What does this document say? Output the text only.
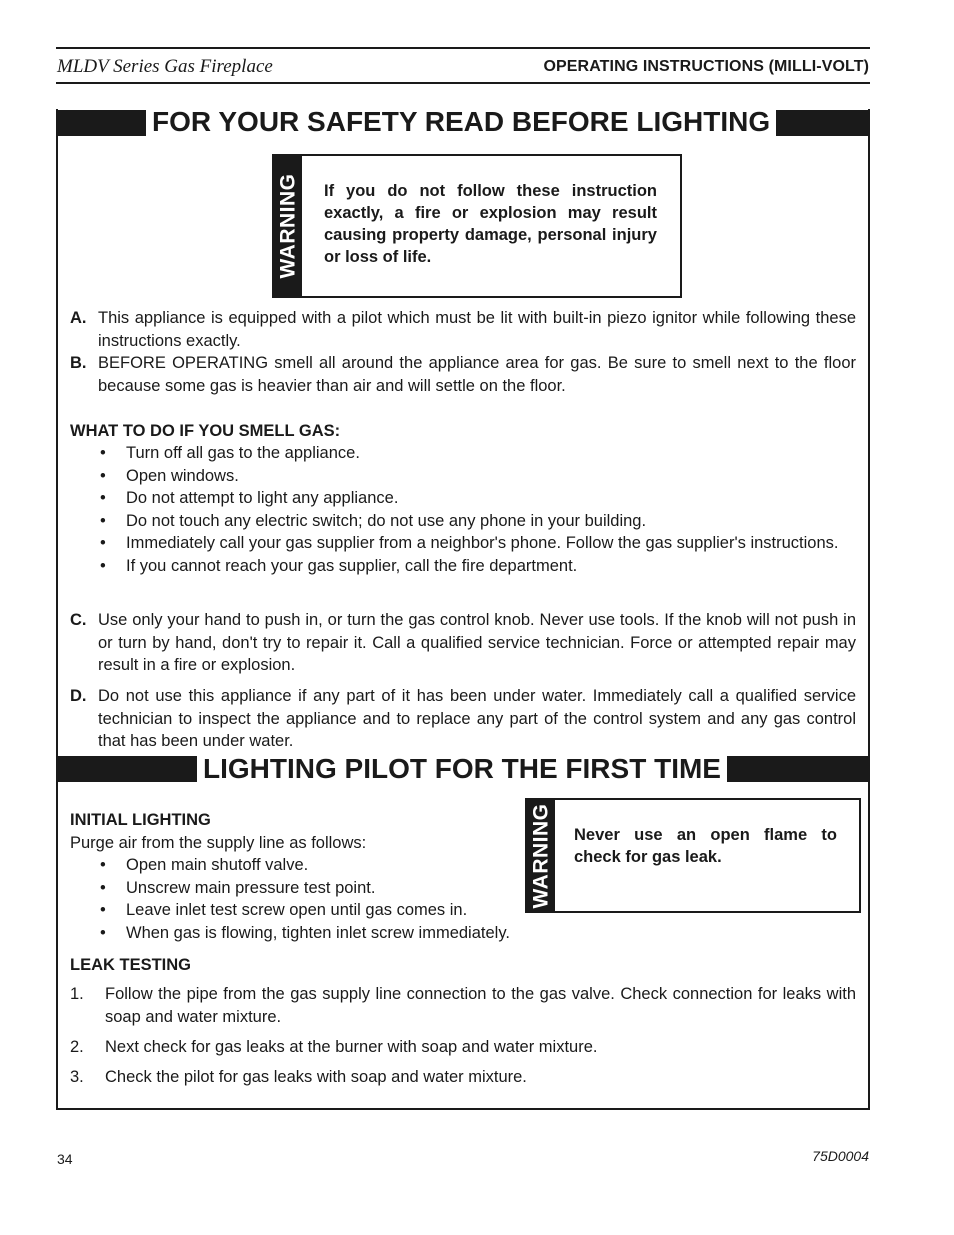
MLDV Series Gas Fireplace	OPERATING INSTRUCTIONS (MILLI-VOLT)
FOR YOUR SAFETY READ BEFORE LIGHTING
WARNING If you do not follow these instruction exactly, a fire or explosion may result causing property damage, personal injury or loss of life.
A. This appliance is equipped with a pilot which must be lit with built-in piezo ignitor while following these instructions exactly.
B. BEFORE OPERATING smell all around the appliance area for gas. Be sure to smell next to the floor because some gas is heavier than air and will settle on the floor.
WHAT TO DO IF YOU SMELL GAS:
• Turn off all gas to the appliance.
• Open windows.
• Do not attempt to light any appliance.
• Do not touch any electric switch; do not use any phone in your building.
• Immediately call your gas supplier from a neighbor's phone. Follow the gas supplier's instructions.
• If you cannot reach your gas supplier, call the fire department.
C. Use only your hand to push in, or turn the gas control knob. Never use tools. If the knob will not push in or turn by hand, don't try to repair it. Call a qualified service technician. Force or attempted repair may result in a fire or explosion.
D. Do not use this appliance if any part of it has been under water. Immediately call a qualified service technician to inspect the appliance and to replace any part of the control system and any gas control that has been under water.
LIGHTING PILOT FOR THE FIRST TIME
INITIAL LIGHTING
Purge air from the supply line as follows:
• Open main shutoff valve.
• Unscrew main pressure test point.
• Leave inlet test screw open until gas comes in.
• When gas is flowing, tighten inlet screw immediately.
WARNING Never use an open flame to check for gas leak.
LEAK TESTING
1. Follow the pipe from the gas supply line connection to the gas valve. Check connection for leaks with soap and water mixture.
2. Next check for gas leaks at the burner with soap and water mixture.
3. Check the pilot for gas leaks with soap and water mixture.
34	75D0004
